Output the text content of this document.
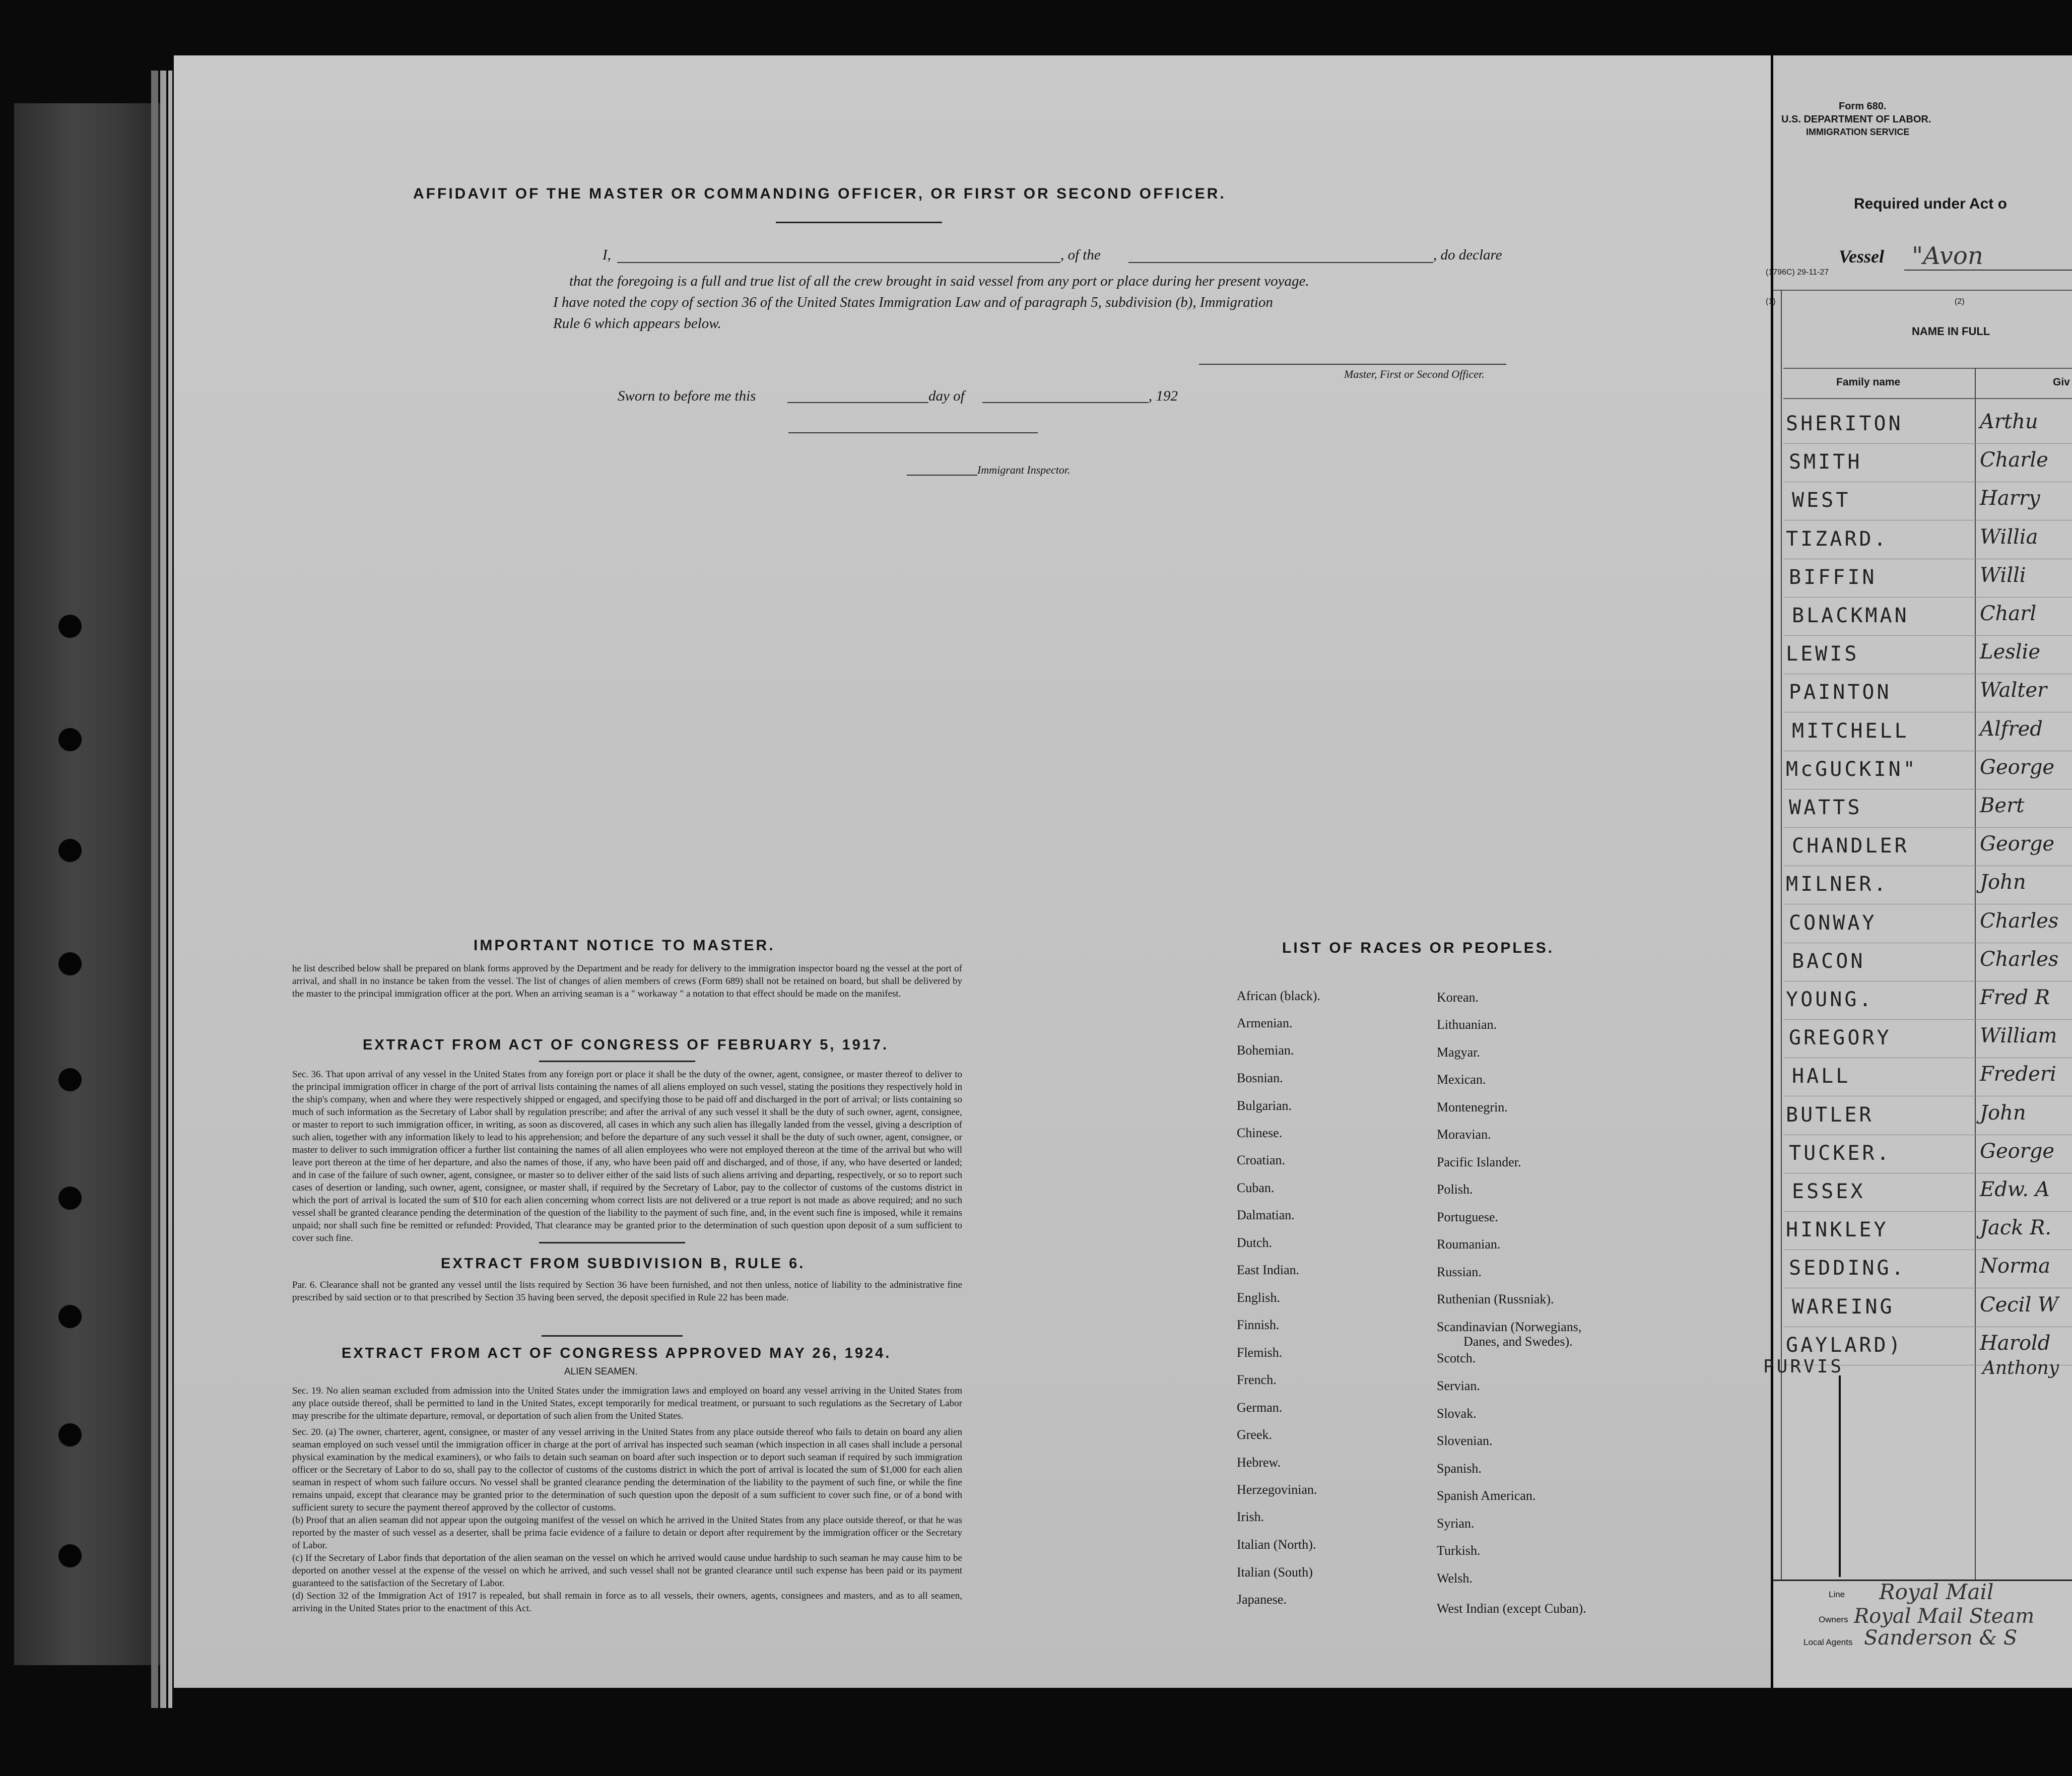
AFFIDAVIT OF THE MASTER OR COMMANDING OFFICER, OR FIRST OR SECOND OFFICER.
I,	, of the	, do declare
that the foregoing is a full and true list of all the crew brought in said vessel from any port or place during her present voyage.
I have noted the copy of section 36 of the United States Immigration Law and of paragraph 5, subdivision (b), Immigration
Rule 6 which appears below.
Master, First or Second Officer.
Sworn to before me this	day of	, 192
Immigrant Inspector.
IMPORTANT NOTICE TO MASTER.
he list described below shall be prepared on blank forms approved by the Department and be ready for delivery to the immigration inspector board ng the vessel at the port of arrival, and shall in no instance be taken from the vessel. The list of changes of alien members of crews (Form 689) shall not be retained on board, but shall be delivered by the master to the principal immigration officer at the port. When an arriving seaman is a " workaway " a notation to that effect should be made on the manifest.
EXTRACT FROM ACT OF CONGRESS OF FEBRUARY 5, 1917.
Sec. 36. That upon arrival of any vessel in the United States from any foreign port or place it shall be the duty of the owner, agent, consignee, or master thereof to deliver to the principal immigration officer in charge of the port of arrival lists containing the names of all aliens employed on such vessel, stating the positions they respectively hold in the ship's company, when and where they were respectively shipped or engaged, and specifying those to be paid off and discharged in the port of arrival; or lists containing so much of such information as the Secretary of Labor shall by regulation prescribe; and after the arrival of any such vessel it shall be the duty of such owner, agent, consignee, or master to report to such immigration officer, in writing, as soon as discovered, all cases in which any such alien has illegally landed from the vessel, giving a description of such alien, together with any information likely to lead to his apprehension; and before the departure of any such vessel it shall be the duty of such owner, agent, consignee, or master to deliver to such immigration officer a further list containing the names of all alien employees who were not employed thereon at the time of the arrival but who will leave port thereon at the time of her departure, and also the names of those, if any, who have been paid off and discharged, and of those, if any, who have deserted or landed; and in case of the failure of such owner, agent, consignee, or master so to deliver either of the said lists of such aliens arriving and departing, respectively, or so to report such cases of desertion or landing, such owner, agent, consignee, or master shall, if required by the Secretary of Labor, pay to the collector of customs of the customs district in which the port of arrival is located the sum of $10 for each alien concerning whom correct lists are not delivered or a true report is not made as above required; and no such vessel shall be granted clearance pending the determination of the question of the liability to the payment of such fine, and, in the event such fine is imposed, while it remains unpaid; nor shall such fine be remitted or refunded: Provided, That clearance may be granted prior to the determination of such question upon deposit of a sum sufficient to cover such fine.
EXTRACT FROM SUBDIVISION B, RULE 6.
Par. 6. Clearance shall not be granted any vessel until the lists required by Section 36 have been furnished, and not then unless, notice of liability to the administrative fine prescribed by said section or to that prescribed by Section 35 having been served, the deposit specified in Rule 22 has been made.
EXTRACT FROM ACT OF CONGRESS APPROVED MAY 26, 1924.
ALIEN SEAMEN.
Sec. 19. No alien seaman excluded from admission into the United States under the immigration laws and employed on board any vessel arriving in the United States from any place outside thereof, shall be permitted to land in the United States, except temporarily for medical treatment, or pursuant to such regulations as the Secretary of Labor may prescribe for the ultimate departure, removal, or deportation of such alien from the United States.
Sec. 20. (a) The owner, charterer, agent, consignee, or master of any vessel arriving in the United States from any place outside thereof who fails to detain on board any alien seaman employed on such vessel until the immigration officer in charge at the port of arrival has inspected such seaman (which inspection in all cases shall include a personal physical examination by the medical examiners), or who fails to detain such seaman on board after such inspection or to deport such seaman if required by such immigration officer or the Secretary of Labor to do so, shall pay to the collector of customs of the customs district in which the port of arrival is located the sum of $1,000 for each alien seaman in respect of whom such failure occurs. No vessel shall be granted clearance pending the determination of the liability to the payment of such fine, or while the fine remains unpaid, except that clearance may be granted prior to the determination of such question upon the deposit of a sum sufficient to cover such fine, or of a bond with sufficient surety to secure the payment thereof approved by the collector of customs.
(b) Proof that an alien seaman did not appear upon the outgoing manifest of the vessel on which he arrived in the United States from any place outside thereof, or that he was reported by the master of such vessel as a deserter, shall be prima facie evidence of a failure to detain or deport after requirement by the immigration officer or the Secretary of Labor.
(c) If the Secretary of Labor finds that deportation of the alien seaman on the vessel on which he arrived would cause undue hardship to such seaman he may cause him to be deported on another vessel at the expense of the vessel on which he arrived, and such vessel shall not be granted clearance until such expense has been paid or its payment guaranteed to the satisfaction of the Secretary of Labor.
(d) Section 32 of the Immigration Act of 1917 is repealed, but shall remain in force as to all vessels, their owners, agents, consignees and masters, and as to all seamen, arriving in the United States prior to the enactment of this Act.
LIST OF RACES OR PEOPLES.
African (black).
Armenian.
Bohemian.
Bosnian.
Bulgarian.
Chinese.
Croatian.
Cuban.
Dalmatian.
Dutch.
East Indian.
English.
Finnish.
Flemish.
French.
German.
Greek.
Hebrew.
Herzegovinian.
Irish.
Italian (North).
Italian (South)
Japanese.
Korean.
Lithuanian.
Magyar.
Mexican.
Montenegrin.
Moravian.
Pacific Islander.
Polish.
Portuguese.
Roumanian.
Russian.
Ruthenian (Russniak).
Scandinavian (Norwegians,
Danes, and Swedes).
Scotch.
Servian.
Slovak.
Slovenian.
Spanish.
Spanish American.
Syrian.
Turkish.
Welsh.
West Indian (except Cuban).
Form 680.
U.S. DEPARTMENT OF LABOR.
IMMIGRATION SERVICE
Required under Act o
Vessel "Avon
(1796C) 29-11-27
(1)	(2)
NAME IN FULL
Family name	Giv
SHERITON	Arthu
SMITH	Charle
WEST	Harry
TIZARD.	Willia
BIFFIN	Willi
BLACKMAN	Charl
LEWIS	Leslie
PAINTON	Walter
MITCHELL	Alfred
McGUCKIN"	George
WATTS	Bert
CHANDLER	George
MILNER.	John
CONWAY	Charles
BACON	Charles
YOUNG.	Fred R
GREGORY	William
HALL	Frederi
BUTLER	John
TUCKER.	George
ESSEX	Edw. A
HINKLEY	Jack R.
SEDDING.	Norma
WAREING	Cecil W
GAYLARD)	Harold
PURVIS	Anthony
Line Royal Mail
Owners Royal Mail Steam
Local Agents Sanderson & S
